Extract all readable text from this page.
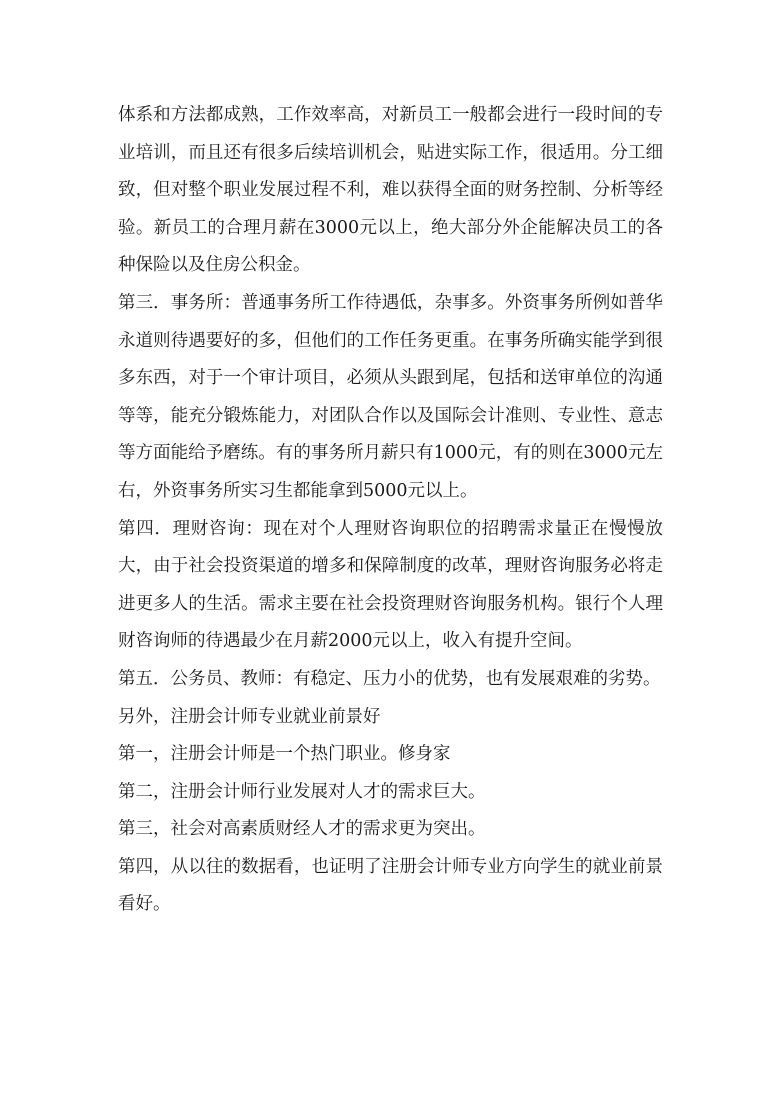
体系和方法都成熟，工作效率高，对新员工一般都会进行一段时间的专业培训，而且还有很多后续培训机会，贴进实际工作，很适用。分工细致，但对整个职业发展过程不利，难以获得全面的财务控制、分析等经验。新员工的合理月薪在3000元以上，绝大部分外企能解决员工的各种保险以及住房公积金。

第三．事务所：普通事务所工作待遇低，杂事多。外资事务所例如普华永道则待遇要好的多，但他们的工作任务更重。在事务所确实能学到很多东西，对于一个审计项目，必须从头跟到尾，包括和送审单位的沟通等等，能充分锻炼能力，对团队合作以及国际会计准则、专业性、意志等方面能给予磨练。有的事务所月薪只有1000元，有的则在3000元左右，外资事务所实习生都能拿到5000元以上。

第四．理财咨询：现在对个人理财咨询职位的招聘需求量正在慢慢放大，由于社会投资渠道的增多和保障制度的改革，理财咨询服务必将走进更多人的生活。需求主要在社会投资理财咨询服务机构。银行个人理财咨询师的待遇最少在月薪2000元以上，收入有提升空间。

第五．公务员、教师：有稳定、压力小的优势，也有发展艰难的劣势。

另外，注册会计师专业就业前景好

第一，注册会计师是一个热门职业。修身家

第二，注册会计师行业发展对人才的需求巨大。

第三，社会对高素质财经人才的需求更为突出。

第四，从以往的数据看，也证明了注册会计师专业方向学生的就业前景看好。
